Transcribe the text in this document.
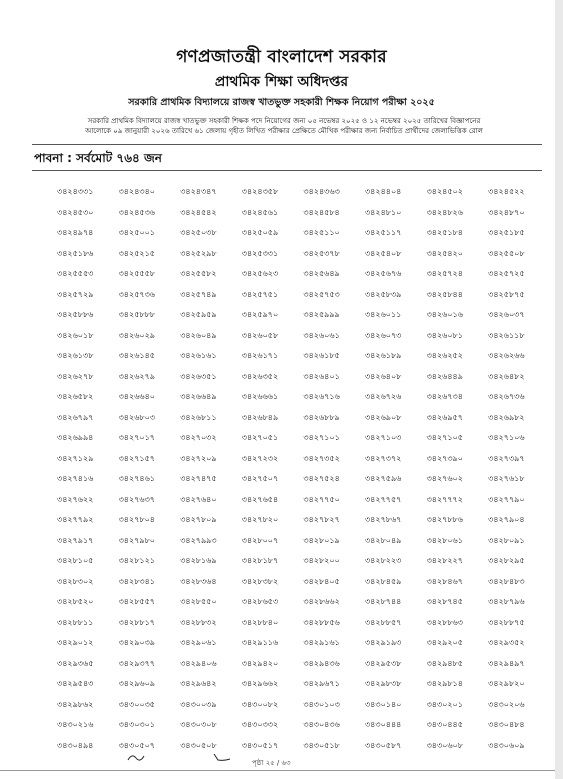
গণপ্রজাতন্ত্রী বাংলাদেশ সরকার
প্রাথমিক শিক্ষা অধিদপ্তর
সরকারি প্রাথমিক বিদ্যালয়ে রাজস্ব খাতভুক্ত সহকারী শিক্ষক নিয়োগ পরীক্ষা ২০২৫
সরকারি প্রাথমিক বিদ্যালয়ে রাজস্ব খাতভুক্ত সহকারী শিক্ষক পদে নিয়োগের জন্য ০৫ নভেম্বর ২০২৫ ও ১২ নভেম্বর ২০২৫ তারিখের বিজ্ঞাপনের
আলোকে ০৯ জানুয়ারী ২০২৬ তারিখে ৬১ জেলায় গৃহীত লিখিত পরীক্ষার প্রেক্ষিতে মৌখিক পরীক্ষার জন্য নির্বাচিত প্রার্থীদের জেলাভিত্তিক রোল
পাবনা : সর্বমোট ৭৬৪ জন
৩৪২৪৩৩১	৩৪২৪৩৪০	৩৪২৪৩৪৭	৩৪২৪৩৫৮	৩৪২৪৩৬৩	৩৪২৪৪০৪	৩৪২৪৫০২	৩৪২৪৫২২
৩৪২৪৫৩০	৩৪২৪৫৩৬	৩৪২৪৫৪২	৩৪২৪৫৬১	৩৪২৪৫৮৪	৩৪২৪৮১০	৩৪২৪৮২৬	৩৪২৪৮৭০
৩৪২৪৯৭৪	৩৪২৫০০১	৩৪২৫০৩৮	৩৪২৫০৫৯	৩৪২৫১১০	৩৪২৫১১৭	৩৪২৫১৮৪	৩৪২৫১৮৫
৩৪২৫১৮৬	৩৪২৫২১৫	৩৪২৫২৯৮	৩৪২৫৩৩১	৩৪২৫৩৭৮	৩৪২৫৪০৮	৩৪২৫৪২০	৩৪২৫৫০৮
৩৪২৫৫৫৩	৩৪২৫৫৫৮	৩৪২৫৫৮২	৩৪২৫৬২৩	৩৪২৫৬৪৯	৩৪২৫৬৭৬	৩৪২৫৭২৪	৩৪২৫৭২৫
৩৪২৫৭২৯	৩৪২৫৭৩৬	৩৪২৫৭৪৯	৩৪২৫৭৫১	৩৪২৫৭৫৩	৩৪২৫৮৩৯	৩৪২৫৮৪৪	৩৪২৫৮৭৫
৩৪২৫৮৮৬	৩৪২৫৮৮৮	৩৪২৫৯৫৯	৩৪২৫৯৭০	৩৪২৫৯৯৯	৩৪২৬০১১	৩৪২৬০১৬	৩৪২৬০৩৭
৩৪২৬০১৮	৩৪২৬০২৯	৩৪২৬০৪৯	৩৪২৬০৫৮	৩৪২৬০৬১	৩৪২৬০৭৩	৩৪২৬০৮১	৩৪২৬১১৮
৩৪২৬১৩৮	৩৪২৬১৪৫	৩৪২৬১৬১	৩৪২৬১৭১	৩৪২৬১৮৫	৩৪২৬১৮৯	৩৪২৬২৫২	৩৪২৬২৬৬
৩৪২৬২৭৮	৩৪২৬২৭৯	৩৪২৬৩৫১	৩৪২৬৩৫২	৩৪২৬৪০১	৩৪২৬৪০৮	৩৪২৬৪৪৯	৩৪২৬৪৮২
৩৪২৬৫৮২	৩৪২৬৬৪০	৩৪২৬৬৪৯	৩৪২৬৬৬১	৩৪২৬৭১৬	৩৪২৬৭২৬	৩৪২৬৭৩৪	৩৪২৬৭৩৬
৩৪২৬৭৯৭	৩৪২৬৮০৩	৩৪২৬৮১১	৩৪২৬৮৪৯	৩৪২৬৮৮৯	৩৪২৬৯০৮	৩৪২৬৯৫৭	৩৪২৬৯৮২
৩৪২৬৯৯৪	৩৪২৭০১৭	৩৪২৭০৩২	৩৪২৭০৫১	৩৪২৭১০১	৩৪২৭১০৩	৩৪২৭১০৫	৩৪২৭১০৬
৩৪২৭১২৯	৩৪২৭১৫৭	৩৪২৭২০৯	৩৪২৭২৩২	৩৪২৭৩৫২	৩৪২৭৩৭২	৩৪২৭৩৯০	৩৪২৭৩৯৭
৩৪২৭৪১৬	৩৪২৭৪৬১	৩৪২৭৪৭৫	৩৪২৭৫০৭	৩৪২৭৫২৪	৩৪২৭৫৯৬	৩৪২৭৬০২	৩৪২৭৬১৮
৩৪২৭৬২২	৩৪২৭৬৩৭	৩৪২৭৬৪০	৩৪২৭৬৫৪	৩৪২৭৭৫০	৩৪২৭৭৫৭	৩৪২৭৭৭২	৩৪২৭৭৯০
৩৪২৭৭৯২	৩৪২৭৮০৪	৩৪২৭৮০৯	৩৪২৭৮২০	৩৪২৭৮২৭	৩৪২৭৮৬৭	৩৪২৭৮৮৬	৩৪২৭৯০৪
৩৪২৭৯১৭	৩৪২৭৯৮০	৩৪২৭৯৯৩	৩৪২৮০০৭	৩৪২৮০১৯	৩৪২৮০৪৯	৩৪২৮০৬১	৩৪২৮০৯১
৩৪২৮১০৫	৩৪২৮১২১	৩৪২৮১৬৯	৩৪২৮১৮৭	৩৪২৮২০০	৩৪২৮২২৩	৩৪২৮২২৭	৩৪২৮২৯৫
৩৪২৮৩০২	৩৪২৮৩৪১	৩৪২৮৩৬৪	৩৪২৮৩৮২	৩৪২৮৪০৫	৩৪২৮৪৫৯	৩৪২৮৪৬৭	৩৪২৮৪৮৩
৩৪২৮৫২০	৩৪২৮৫৫৭	৩৪২৮৫৫০	৩৪২৮৬৫৩	৩৪২৮৬৬২	৩৪২৮৭৪৪	৩৪২৮৭৪৫	৩৪২৮৭৯৬
৩৪২৮৮১১	৩৪২৮৮১৭	৩৪২৮৮৩২	৩৪২৮৮৪০	৩৪২৮৮৫৬	৩৪২৮৮৫৭	৩৪২৮৮৬৩	৩৪২৮৮৭৫
৩৪২৯০১২	৩৪২৯০৩৯	৩৪২৯০৬১	৩৪২৯১১৬	৩৪২৯১৬১	৩৪২৯১৯৩	৩৪২৯২০৫	৩৪২৯৩৫২
৩৪২৯৩৬৫	৩৪২৯৩৭৭	৩৪২৯৪০৬	৩৪২৯৪২০	৩৪২৯৪৩৬	৩৪২৯৫৩৮	৩৪২৯৪৮৫	৩৪২৯৪৯৭
৩৪২৯৫৪৩	৩৪২৯৬০৯	৩৪২৯৬৪২	৩৪২৯৬৬২	৩৪২৯৬৭১	৩৪২৯৮৩৮	৩৪২৯৮১৪	৩৪২৯৮২০
৩৪২৯৮৬২	৩৪৩০০৩৫	৩৪৩০০৩৯	৩৪৩০০৮২	৩৪৩০১০৩	৩৪৩০১৪০	৩৪৩০২০১	৩৪৩০২০৬
৩৪৩০২১৬	৩৪৩০৩০১	৩৪৩০৩০৮	৩৪৩০৩৩২	৩৪৩০৪৩৬	৩৪৩০৪৪৪	৩৪৩০৪৪৫	৩৪৩০৪৮৪
৩৪৩০৪৯৪	৩৪৩০৫০৭	৩৪৩০৫০৮	৩৪৩০৫১৭	৩৪৩০৫১৮	৩৪৩০৫৮৭	৩৪৩০৬০৮	৩৪৩০৬০৯
পৃষ্ঠা ২৫ / ৬৩
